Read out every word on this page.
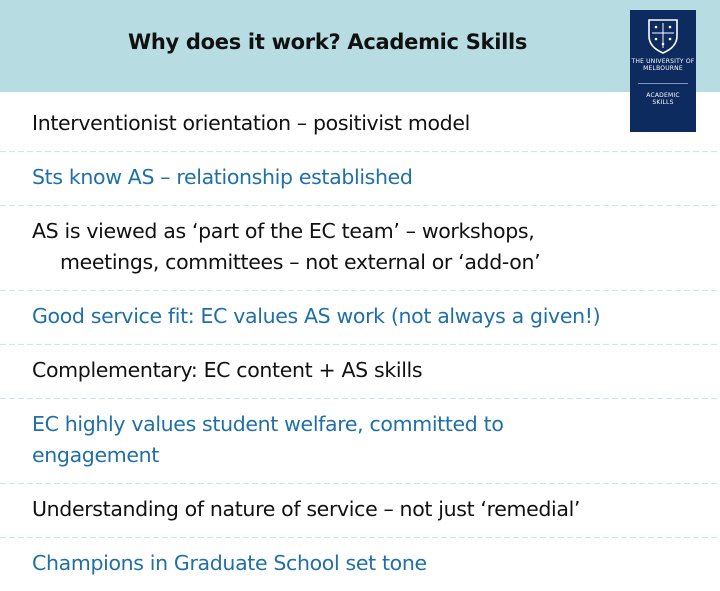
Why does it work? Academic Skills
THE UNIVERSITY OF
MELBOURNE
ACADEMIC
SKILLS
Interventionist orientation – positivist model
Sts know AS – relationship established
AS is viewed as ‘part of the EC team’ – workshops,
meetings, committees – not external or ‘add-on’
Good service fit: EC values AS work (not always a given!)
Complementary: EC content + AS skills
EC highly values student welfare, committed to
engagement
Understanding of nature of service – not just ‘remedial’
Champions in Graduate School set tone
